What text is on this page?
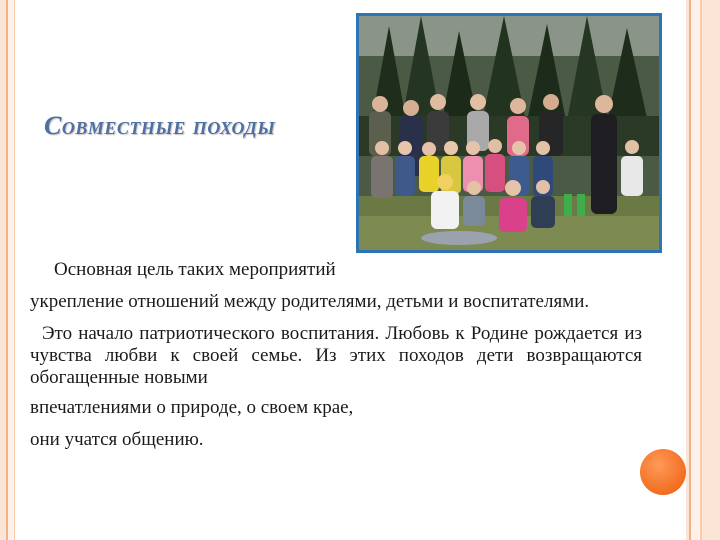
Совместные походы

Основная цель таких мероприятий

укрепление отношений между родителями, детьми и воспитателями.

Это начало патриотического воспитания. Любовь к Родине рождается из чувства любви к своей семье. Из этих походов дети возвращаются обогащенные новыми

впечатлениями о природе, о своем крае,

они учатся общению.
